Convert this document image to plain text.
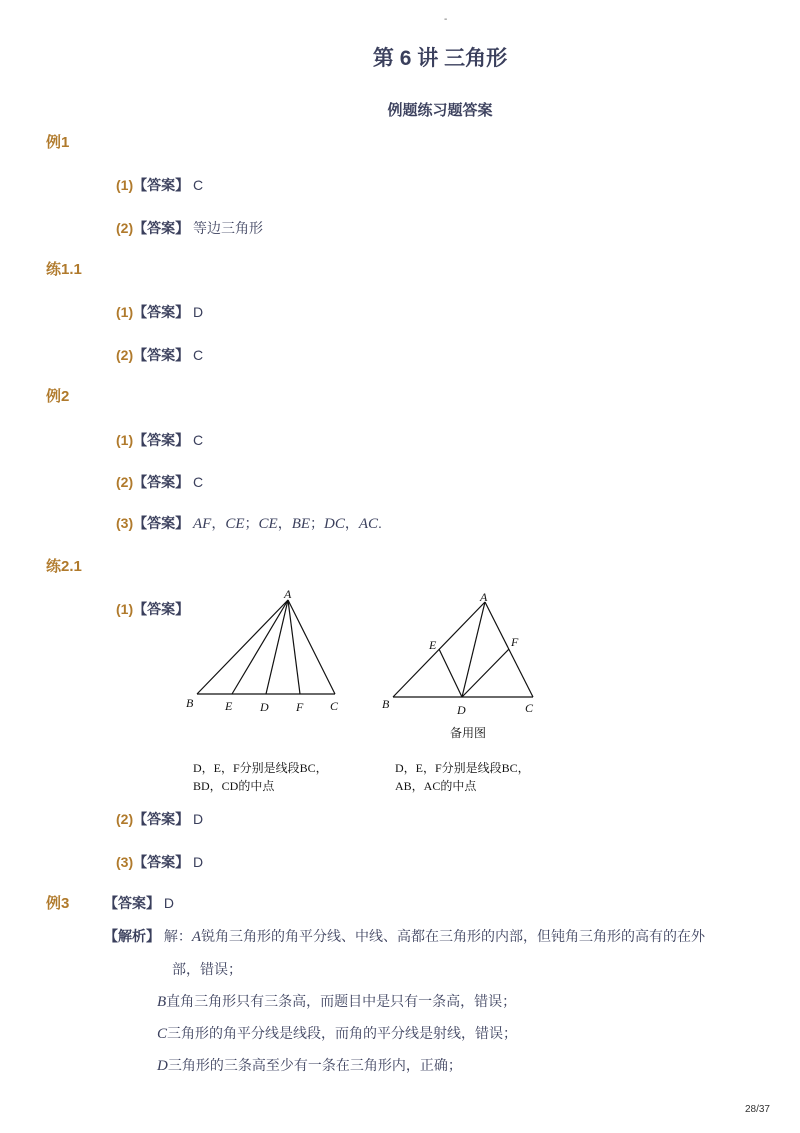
-
第 6 讲 三角形
例题练习题答案
例1
(1)【答案】 C
(2)【答案】 等边三角形
练1.1
(1)【答案】 D
(2)【答案】 C
例2
(1)【答案】 C
(2)【答案】 C
(3)【答案】 AF，CE；CE，BE；DC，AC.
练2.1
(1)【答案】
A
B	E D F C
D，E，F分别是线段BC，
BD，CD的中点
A
E	F
B	D	C
备用图
D，E，F分别是线段BC，
AB，AC的中点
(2)【答案】 D
(3)【答案】 D
例3 【答案】 D
【解析】 解：A锐角三角形的角平分线、中线、高都在三角形的内部，但钝角三角形的高有的在外
部，错误；
B直角三角形只有三条高，而题目中是只有一条高，错误；
C三角形的角平分线是线段，而角的平分线是射线，错误；
D三角形的三条高至少有一条在三角形内，正确；
28/37
